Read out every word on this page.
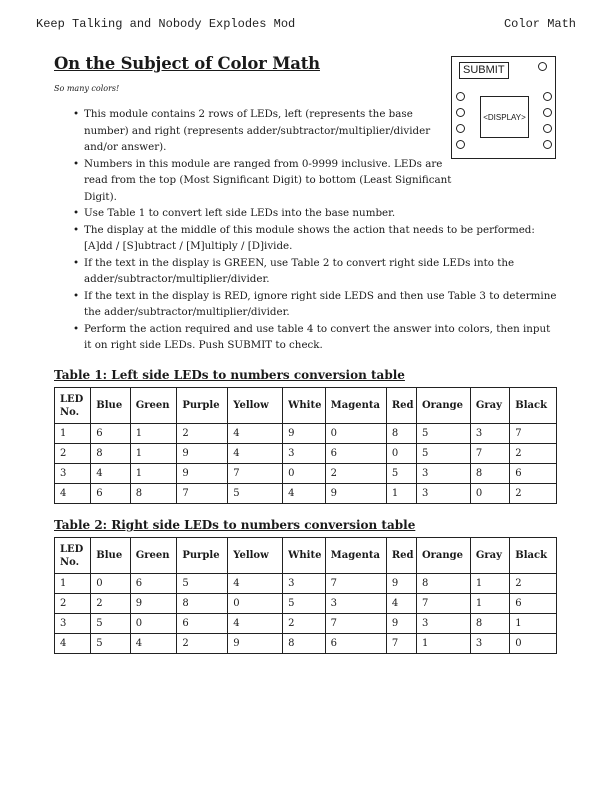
Keep Talking and Nobody Explodes Mod	Color Math
On the Subject of Color Math
So many colors!
SUBMIT
<DISPLAY>
• This module contains 2 rows of LEDs, left (represents the base number) and right (represents adder/subtractor/multiplier/divider and/or answer).
• Numbers in this module are ranged from 0-9999 inclusive. LEDs are read from the top (Most Significant Digit) to bottom (Least Significant Digit).
• Use Table 1 to convert left side LEDs into the base number.
• The display at the middle of this module shows the action that needs to be performed: [A]dd / [S]ubtract / [M]ultiply / [D]ivide.
• If the text in the display is GREEN, use Table 2 to convert right side LEDs into the adder/subtractor/multiplier/divider.
• If the text in the display is RED, ignore right side LEDS and then use Table 3 to determine the adder/subtractor/multiplier/divider.
• Perform the action required and use table 4 to convert the answer into colors, then input it on right side LEDs. Push SUBMIT to check.
Table 1: Left side LEDs to numbers conversion table
LED No.	Blue	Green	Purple	Yellow	White	Magenta	Red	Orange	Gray	Black
1	6	1	2	4	9	0	8	5	3	7
2	8	1	9	4	3	6	0	5	7	2
3	4	1	9	7	0	2	5	3	8	6
4	6	8	7	5	4	9	1	3	0	2
Table 2: Right side LEDs to numbers conversion table
LED No.	Blue	Green	Purple	Yellow	White	Magenta	Red	Orange	Gray	Black
1	0	6	5	4	3	7	9	8	1	2
2	2	9	8	0	5	3	4	7	1	6
3	5	0	6	4	2	7	9	3	8	1
4	5	4	2	9	8	6	7	1	3	0
